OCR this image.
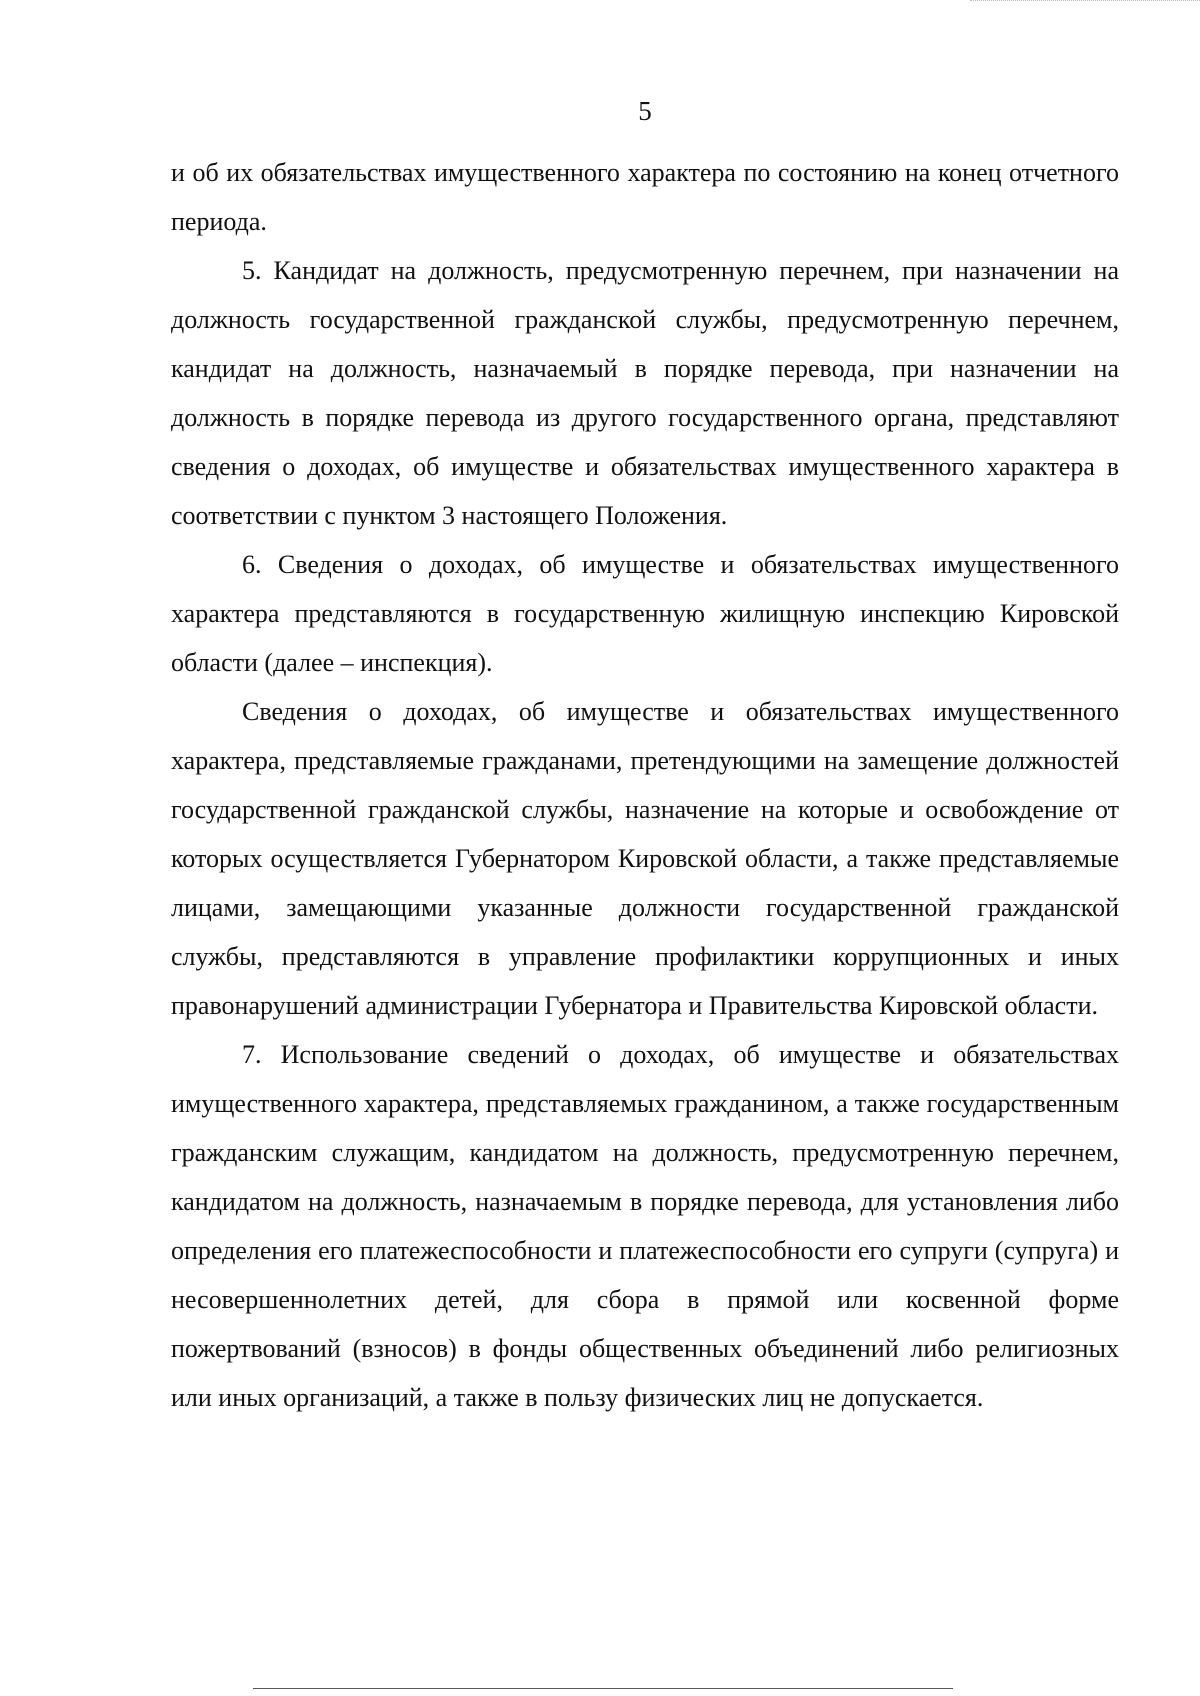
5

и об их обязательствах имущественного характера по состоянию на конец отчетного периода.

5. Кандидат на должность, предусмотренную перечнем, при назначении на должность государственной гражданской службы, предусмотренную перечнем, кандидат на должность, назначаемый в порядке перевода, при назначении на должность в порядке перевода из другого государственного органа, представляют сведения о доходах, об имуществе и обязательствах имущественного характера в соответствии с пунктом 3 настоящего Положения.

6. Сведения о доходах, об имуществе и обязательствах имущественного характера представляются в государственную жилищную инспекцию Кировской области (далее – инспекция).

Сведения о доходах, об имуществе и обязательствах имущественного характера, представляемые гражданами, претендующими на замещение должностей государственной гражданской службы, назначение на которые и освобождение от которых осуществляется Губернатором Кировской области, а также представляемые лицами, замещающими указанные должности государственной гражданской службы, представляются в управление профилактики коррупционных и иных правонарушений администрации Губернатора и Правительства Кировской области.

7. Использование сведений о доходах, об имуществе и обязательствах имущественного характера, представляемых гражданином, а также государственным гражданским служащим, кандидатом на должность, предусмотренную перечнем, кандидатом на должность, назначаемым в порядке перевода, для установления либо определения его платежеспособности и платежеспособности его супруги (супруга) и несовершеннолетних детей, для сбора в прямой или косвенной форме пожертвований (взносов) в фонды общественных объединений либо религиозных или иных организаций, а также в пользу физических лиц не допускается.
